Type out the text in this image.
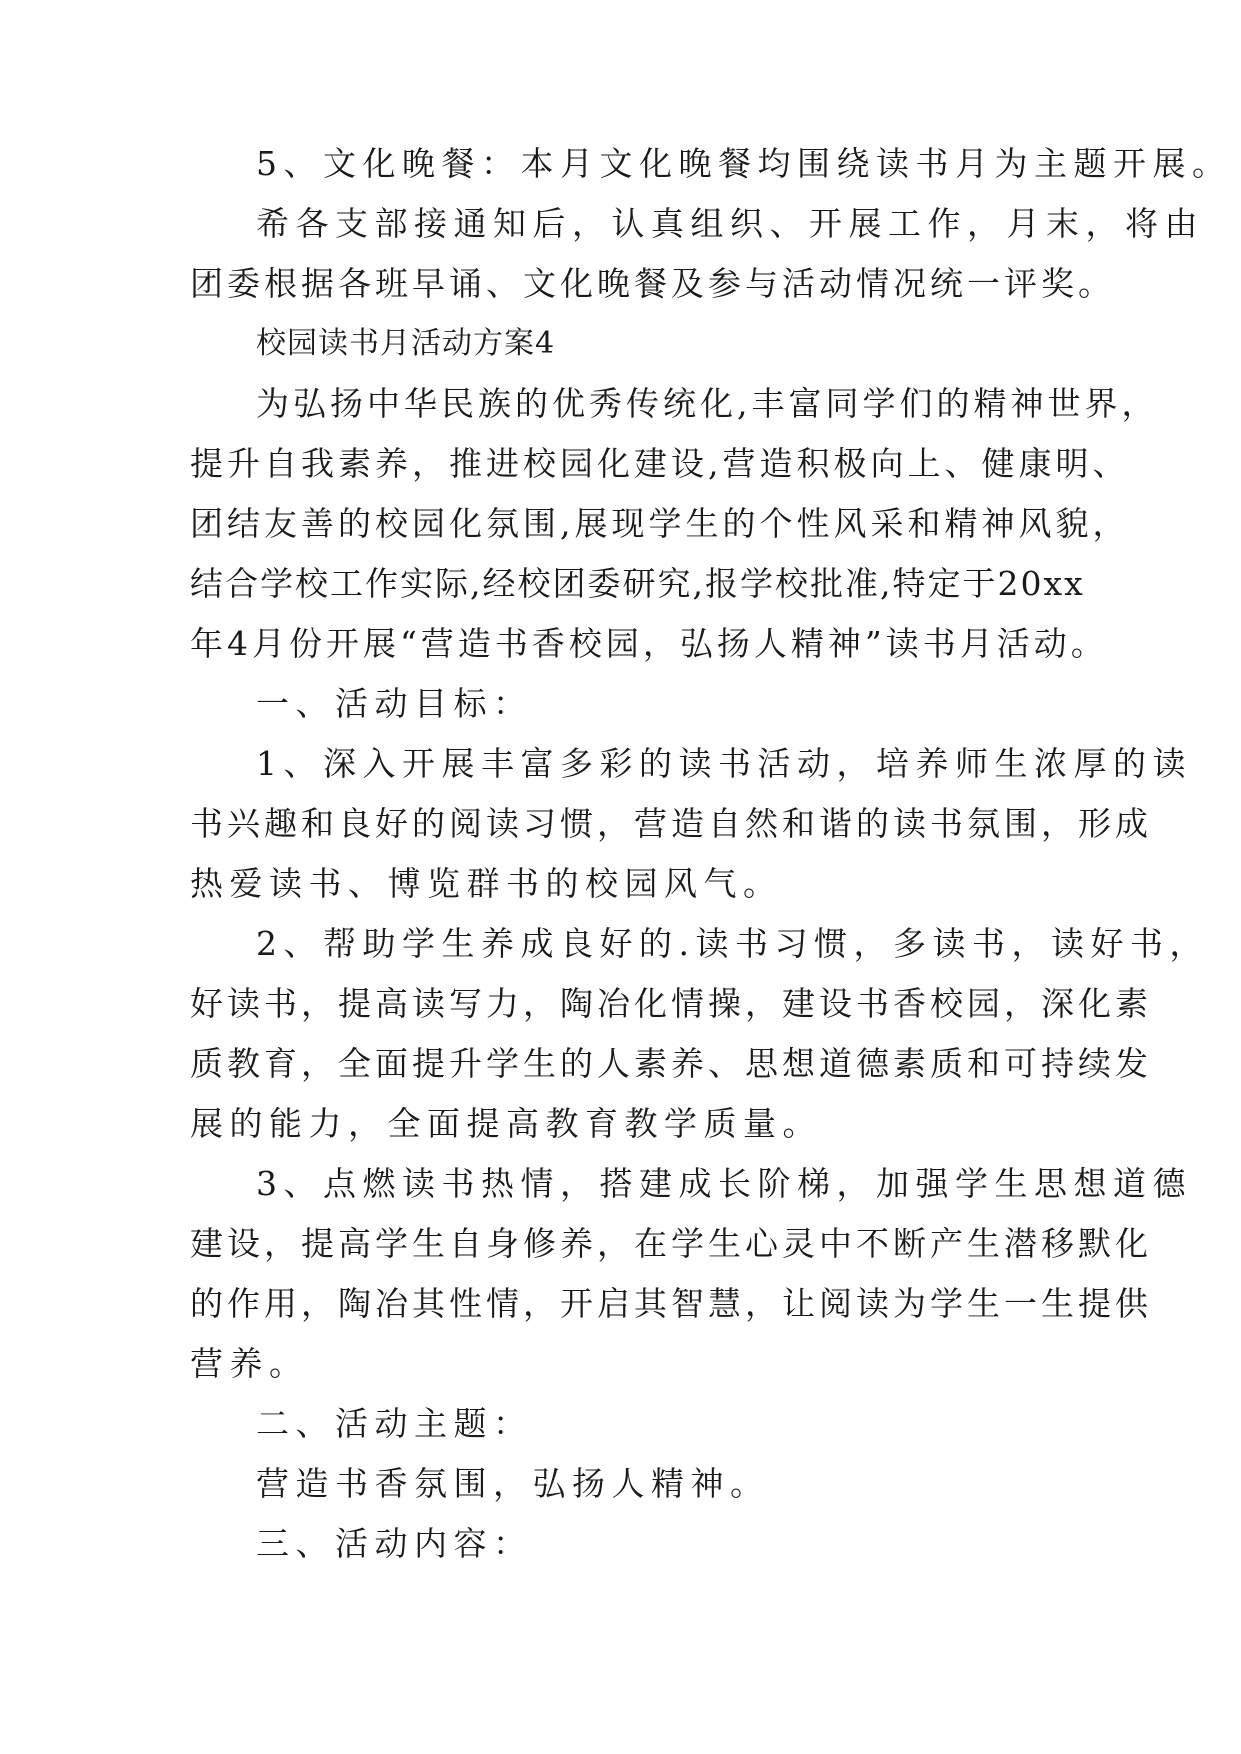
5、文化晚餐：本月文化晚餐均围绕读书月为主题开展。
希各支部接通知后，认真组织、开展工作，月末，将由
团委根据各班早诵、文化晚餐及参与活动情况统一评奖。
校园读书月活动方案4
为弘扬中华民族的优秀传统化,丰富同学们的精神世界，
提升自我素养，推进校园化建设,营造积极向上、健康明、
团结友善的校园化氛围,展现学生的个性风采和精神风貌，
结合学校工作实际,经校团委研究,报学校批准,特定于20xx
年4月份开展“营造书香校园，弘扬人精神”读书月活动。
一、活动目标：
1、深入开展丰富多彩的读书活动，培养师生浓厚的读
书兴趣和良好的阅读习惯，营造自然和谐的读书氛围，形成
热爱读书、博览群书的校园风气。
2、帮助学生养成良好的.读书习惯，多读书，读好书，
好读书，提高读写力，陶冶化情操，建设书香校园，深化素
质教育，全面提升学生的人素养、思想道德素质和可持续发
展的能力，全面提高教育教学质量。
3、点燃读书热情，搭建成长阶梯，加强学生思想道德
建设，提高学生自身修养，在学生心灵中不断产生潜移默化
的作用，陶冶其性情，开启其智慧，让阅读为学生一生提供
营养。
二、活动主题：
营造书香氛围，弘扬人精神。
三、活动内容：
